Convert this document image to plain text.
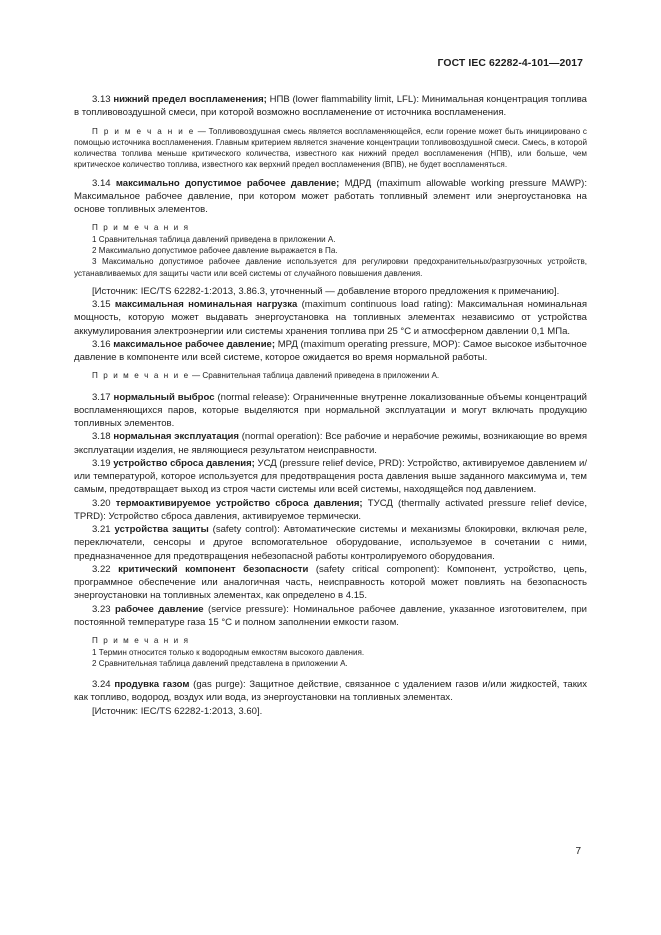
ГОСТ IEC 62282-4-101—2017

3.13 нижний предел воспламенения; НПВ (lower flammability limit, LFL): Минимальная концентрация топлива в топливовоздушной смеси, при которой возможно воспламенение от источника воспламенения.

П р и м е ч а н и е — Топливовоздушная смесь является воспламеняющейся, если горение может быть инициировано с помощью источника воспламенения. Главным критерием является значение концентрации топливовоздушной смеси. Смесь, в которой количества топлива меньше критического количества, известного как нижний предел воспламенения (НПВ), или больше, чем критическое количество топлива, известного как верхний предел воспламенения (ВПВ), не будет воспламеняться.

3.14 максимально допустимое рабочее давление; МДРД (maximum allowable working pressure MAWP): Максимальное рабочее давление, при котором может работать топливный элемент или энергоустановка на основе топливных элементов.

П р и м е ч а н и я

1 Сравнительная таблица давлений приведена в приложении А.

2 Максимально допустимое рабочее давление выражается в Па.

3 Максимально допустимое рабочее давление используется для регулировки предохранительных/разгрузочных устройств, устанавливаемых для защиты части или всей системы от случайного повышения давления.

[Источник: IEC/TS 62282-1:2013, 3.86.3, уточненный — добавление второго предложения к примечанию].

3.15 максимальная номинальная нагрузка (maximum continuous load rating): Максимальная номинальная мощность, которую может выдавать энергоустановка на топливных элементах независимо от устройства аккумулирования электроэнергии или системы хранения топлива при 25 °С и атмосферном давлении 0,1 МПа.

3.16 максимальное рабочее давление; МРД (maximum operating pressure, MOP): Самое высокое избыточное давление в компоненте или всей системе, которое ожидается во время нормальной работы.

П р и м е ч а н и е — Сравнительная таблица давлений приведена в приложении А.

3.17 нормальный выброс (normal release): Ограниченные внутренне локализованные объемы концентраций воспламеняющихся паров, которые выделяются при нормальной эксплуатации и могут включать продукцию топливных элементов.

3.18 нормальная эксплуатация (normal operation): Все рабочие и нерабочие режимы, возникающие во время эксплуатации изделия, не являющиеся результатом неисправности.

3.19 устройство сброса давления; УСД (pressure relief device, PRD): Устройство, активируемое давлением и/или температурой, которое используется для предотвращения роста давления выше заданного максимума и, тем самым, предотвращает выход из строя части системы или всей системы, находящейся под давлением.

3.20 термоактивируемое устройство сброса давления; ТУСД (thermally activated pressure relief device, TPRD): Устройство сброса давления, активируемое термически.

3.21 устройства защиты (safety control): Автоматические системы и механизмы блокировки, включая реле, переключатели, сенсоры и другое вспомогательное оборудование, используемое в сочетании с ними, предназначенное для предотвращения небезопасной работы контролируемого оборудования.

3.22 критический компонент безопасности (safety critical component): Компонент, устройство, цепь, программное обеспечение или аналогичная часть, неисправность которой может повлиять на безопасность энергоустановки на топливных элементах, как определено в 4.15.

3.23 рабочее давление (service pressure): Номинальное рабочее давление, указанное изготовителем, при постоянной температуре газа 15 °С и полном заполнении емкости газом.

П р и м е ч а н и я

1 Термин относится только к водородным емкостям высокого давления.

2 Сравнительная таблица давлений представлена в приложении А.

3.24 продувка газом (gas purge): Защитное действие, связанное с удалением газов и/или жидкостей, таких как топливо, водород, воздух или вода, из энергоустановки на топливных элементах.

[Источник: IEC/TS 62282-1:2013, 3.60].

7
